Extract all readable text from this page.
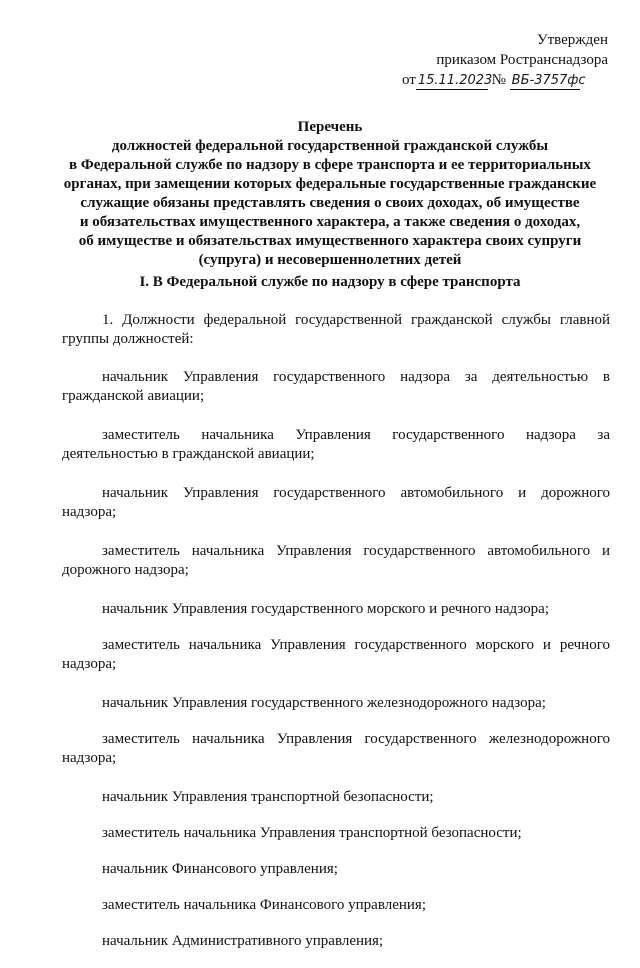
Утвержден
приказом Ространснадзора
от 15.11.2023 № ВБ-3757фс
Перечень
должностей федеральной государственной гражданской службы
в Федеральной службе по надзору в сфере транспорта и ее территориальных
органах, при замещении которых федеральные государственные гражданские
служащие обязаны представлять сведения о своих доходах, об имуществе
и обязательствах имущественного характера, а также сведения о доходах,
об имуществе и обязательствах имущественного характера своих супруги
(супруга) и несовершеннолетних детей
I. В Федеральной службе по надзору в сфере транспорта

1. Должности федеральной государственной гражданской службы главной группы должностей:

начальник Управления государственного надзора за деятельностью в гражданской авиации;

заместитель начальника Управления государственного надзора за деятельностью в гражданской авиации;

начальник Управления государственного автомобильного и дорожного надзора;

заместитель начальника Управления государственного автомобильного и дорожного надзора;

начальник Управления государственного морского и речного надзора;

заместитель начальника Управления государственного морского и речного надзора;

начальник Управления государственного железнодорожного надзора;

заместитель начальника Управления государственного железнодорожного надзора;

начальник Управления транспортной безопасности;

заместитель начальника Управления транспортной безопасности;

начальник Финансового управления;

заместитель начальника Финансового управления;

начальник Административного управления;
